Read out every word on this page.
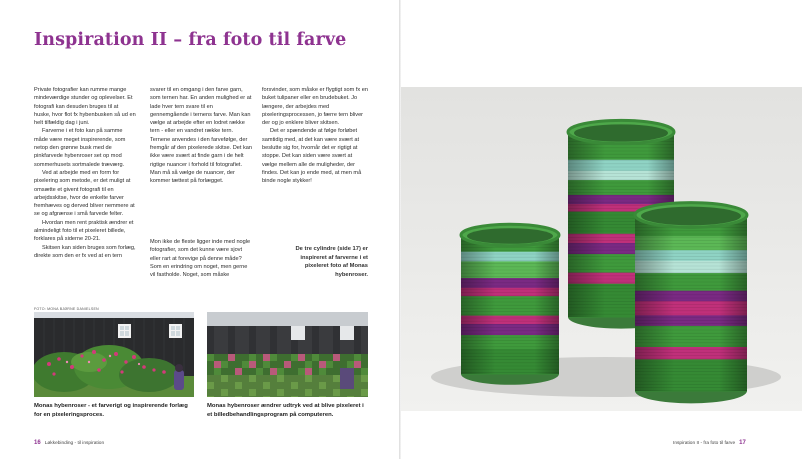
Inspiration II – fra foto til farve

Private fotografier kan rumme mange mindeværdige stunder og oplevelser. Et fotografi kan desuden bruges til at huske, hvor flot fx hybenbusken så ud en helt tilfældig dag i juni.

Farverne i et foto kan på samme måde være meget inspirerende, som netop den grønne busk med de pinkfarvede hybenroser set op mod sommerhusets sortmalede træværg.

Ved at arbejde med en form for pixelering som metode, er det muligt at omsætte et givent fotografi til en arbejdsskitse, hvor de enkelte farver fremhæves og derved bliver nemmere at se og afgrænse i små farvede felter.

Hvordan men rent praktisk ændrer et almindeligt foto til et pixeleret billede, forklares på siderne 20-21.

Skitsen kan siden bruges som forlæg, direkte som den er fx ved at en tern

svarer til en omgang i den farve garn, som ternen har. En anden mulighed er at lade hver tern svare til en gennemgående i ternens farve. Man kan vælge at arbejde efter en lodret række tern - eller en vandret række tern. Ternene anvendes i den farvefølge, der fremgår af den pixelerede skitse. Det kan ikke være svært at finde garn i de helt rigtige nuancer i forhold til fotografiet. Man må så vælge de nuancer, der kommer tættest på forlægget.

Mon ikke de fleste ligger inde med nogle fotografier, som det kunne være sjovt eller rart at forevige på denne måde? Som en erindring om noget, men gerne vil fastholde. Noget, som måske

forsvinder, som måske er flygtigt som fx en buket tulipaner eller en brudebuket. Jo længere, der arbejdes med pixeleringsprocessen, jo færre tern bliver der og jo enklere bliver skitsen.

Det er spændende at følge forløbet samtidig med, at det kan være svært at beslutte sig for, hvornår det er rigtigt at stoppe. Det kan siden være svært at vælge mellem alle de muligheder, der findes. Det kan jo ende med, at men må binde nogle stykker!

De tre cylindre (side 17) er inspireret af farverne i et pixeleret foto af Monas hybenroser.
FOTO: MONA BJØRNE DANIELSEN
Monas hybenroser - et farverigt og inspirerende forlæg for en pixeleringsproces.
Monas hybenroser ændrer udtryk ved at blive pixeleret i et billedbehandlingsprogram på computeren.
16 Løkkebinding - til inspiration	Inspiration II - fra foto til farve 17
